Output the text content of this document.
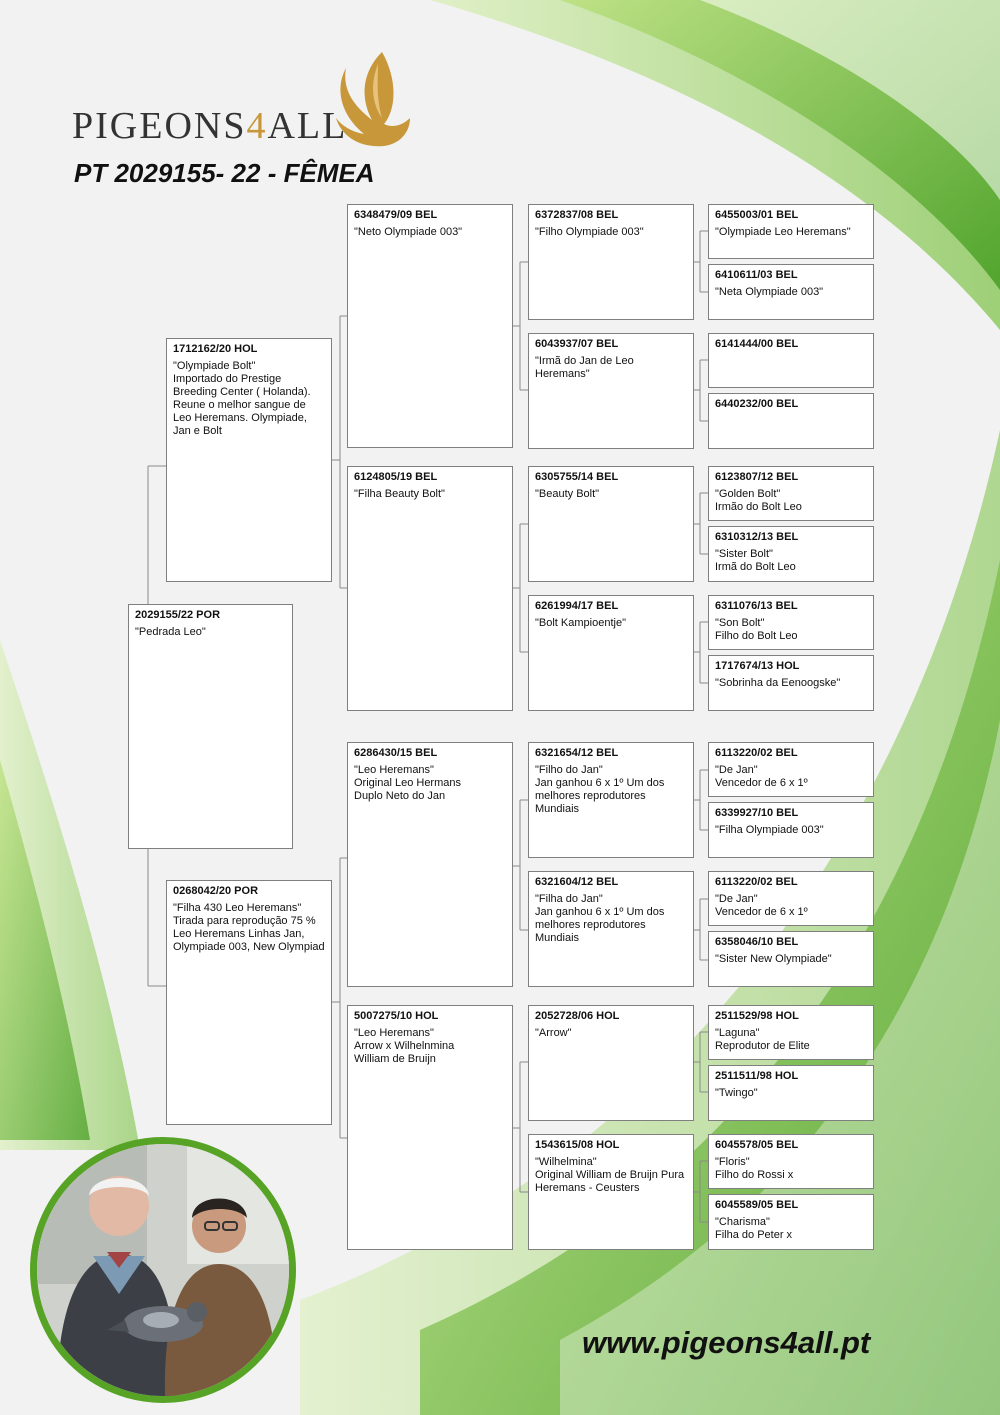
PIGEONS4ALL
PT 2029155- 22 - FÊMEA
2029155/22 POR
"Pedrada Leo"
1712162/20 HOL
"Olympiade Bolt"
Importado do Prestige Breeding Center ( Holanda). Reune o melhor sangue de Leo Heremans. Olympiade, Jan e Bolt
0268042/20 POR
"Filha 430 Leo Heremans"
Tirada para reprodução 75 % Leo Heremans Linhas Jan, Olympiade 003, New Olympiad
6348479/09 BEL
"Neto Olympiade 003"
6124805/19 BEL
"Filha Beauty Bolt"
6286430/15 BEL
"Leo Heremans"
Original Leo Hermans
Duplo Neto do Jan
5007275/10 HOL
"Leo Heremans"
Arrow x Wilhelnmina
William de Bruijn
6372837/08 BEL
"Filho Olympiade 003"
6043937/07 BEL
"Irmã do Jan de Leo Heremans"
6305755/14 BEL
"Beauty Bolt"
6261994/17 BEL
"Bolt Kampioentje"
6321654/12 BEL
"Filho do Jan"
Jan ganhou 6 x 1º Um dos melhores reprodutores Mundiais
6321604/12 BEL
"Filha do Jan"
Jan ganhou 6 x 1º Um dos melhores reprodutores Mundiais
2052728/06 HOL
"Arrow"
1543615/08 HOL
"Wilhelmina"
Original William de Bruijn Pura Heremans - Ceusters
6455003/01 BEL
"Olympiade Leo Heremans"
6410611/03 BEL
"Neta Olympiade 003"
6141444/00 BEL
6440232/00 BEL
6123807/12 BEL
"Golden Bolt"
Irmão do Bolt Leo
6310312/13 BEL
"Sister Bolt"
Irmã do Bolt Leo
6311076/13 BEL
"Son Bolt"
Filho do Bolt Leo
1717674/13 HOL
"Sobrinha da Eenoogske"
6113220/02 BEL
"De Jan"
Vencedor de 6 x 1º
6339927/10 BEL
"Filha Olympiade 003"
6113220/02 BEL
"De Jan"
Vencedor de 6 x 1º
6358046/10 BEL
"Sister New Olympiade"
2511529/98 HOL
"Laguna"
Reprodutor de Elite
2511511/98 HOL
"Twingo"
6045578/05 BEL
"Floris"
Filho do Rossi x
6045589/05 BEL
"Charisma"
Filha do Peter x
www.pigeons4all.pt
